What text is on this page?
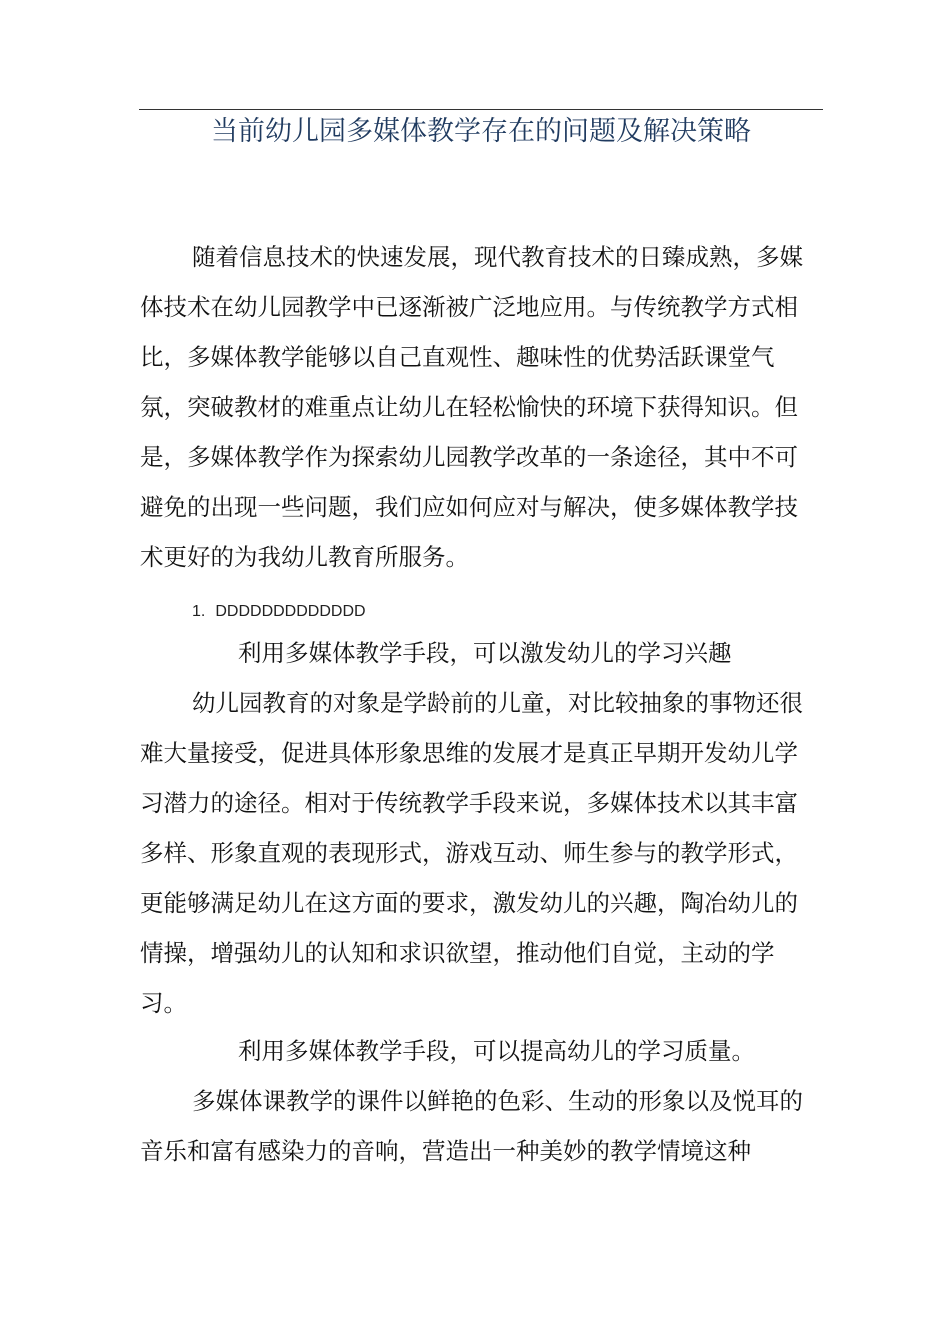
当前幼儿园多媒体教学存在的问题及解决策略

随着信息技术的快速发展，现代教育技术的日臻成熟，多媒体技术在幼儿园教学中已逐渐被广泛地应用。与传统教学方式相比，多媒体教学能够以自己直观性、趣味性的优势活跃课堂气氛，突破教材的难重点让幼儿在轻松愉快的环境下获得知识。但是，多媒体教学作为探索幼儿园教学改革的一条途径，其中不可避免的出现一些问题，我们应如何应对与解决，使多媒体教学技术更好的为我幼儿教育所服务。

1. DDDDDDDDDDDDD
利用多媒体教学手段，可以激发幼儿的学习兴趣

幼儿园教育的对象是学龄前的儿童，对比较抽象的事物还很难大量接受，促进具体形象思维的发展才是真正早期开发幼儿学习潜力的途径。相对于传统教学手段来说，多媒体技术以其丰富多样、形象直观的表现形式，游戏互动、师生参与的教学形式，更能够满足幼儿在这方面的要求，激发幼儿的兴趣，陶冶幼儿的情操，增强幼儿的认知和求识欲望，推动他们自觉，主动的学习。

利用多媒体教学手段，可以提高幼儿的学习质量。

多媒体课教学的课件以鲜艳的色彩、生动的形象以及悦耳的音乐和富有感染力的音响，营造出一种美妙的教学情境这种
